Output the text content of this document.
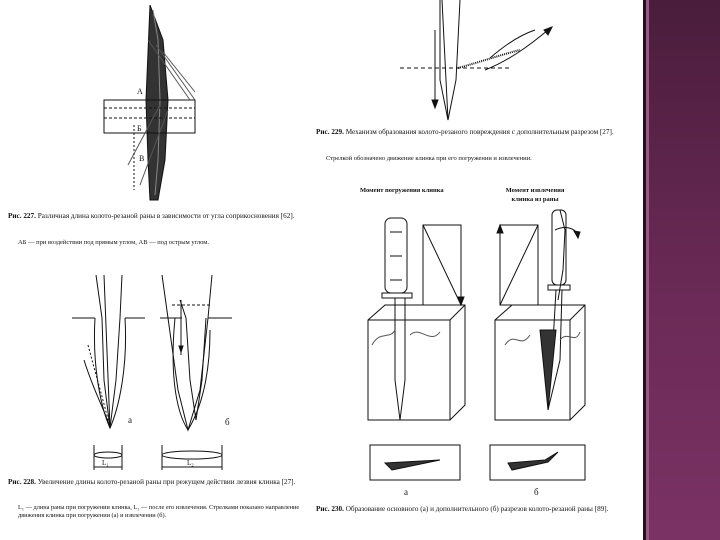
A
Б
В
Рис. 227. Различная длина колото-резаной раны в зависимости от угла соприкосновения [62].
АБ — при воздействии под прямым углом, АВ — под острым углом.
а	б
L₁	L₂
Рис. 228. Увеличение длины колото-резаной раны при режущем действии лезвия клинка [27].
L₁ — длина раны при погружении клинка, L₂ — после его извлечения. Стрелками показано направление движения клинка при погружении (а) и извлечении (б).
Рис. 229. Механизм образования колото-резаного повреждения с дополнительным разрезом [27].
Стрелкой обозначено движение клинка при его погружении и извлечении.
Момент погружения клинка	Момент извлечения клинка из раны
а	б
Рис. 230. Образование основного (а) и дополнительного (б) разрезов колото-резаной раны [89].
